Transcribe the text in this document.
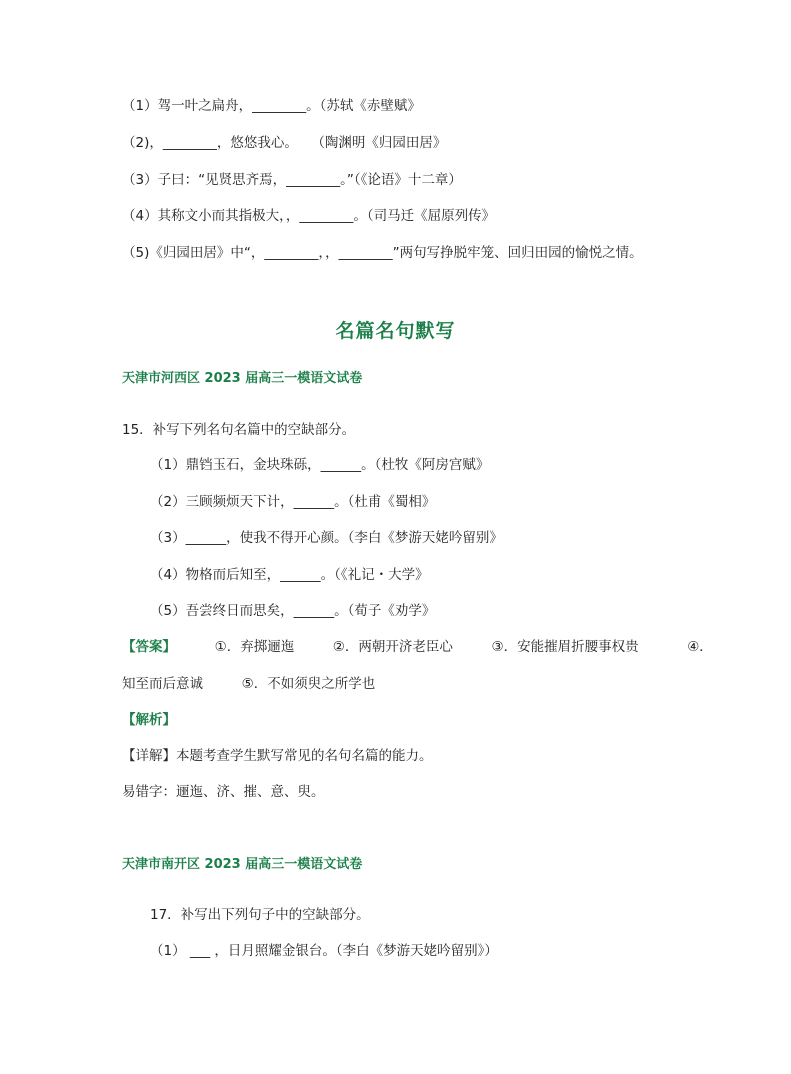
（1）驾一叶之扁舟，________。（苏轼《赤壁赋》
（2)，________，悠悠我心。　　（陶渊明《归园田居》
（3）子曰：“见贤思齐焉，________。”（《论语》十二章）
（4）其称文小而其指极大，，________。（司马迁《屈原列传》
（5)《归园田居》中“，________，，________”两句写挣脱牢笼、回归田园的愉悦之情。
名篇名句默写
天津市河西区 2023 届高三一模语文试卷
15．补写下列名句名篇中的空缺部分。
（1）鼎铛玉石，金块珠砾，______。（杜牧《阿房宫赋》
（2）三顾频烦天下计，______。（杜甫《蜀相》
（3）______，使我不得开心颜。（李白《梦游天姥吟留别》
（4）物格而后知至，______。（《礼记・大学》
（5）吾尝终日而思矣，______。（荀子《劝学》
【答案】	①．弃掷逦迤	②．两朝开济老臣心	③．安能摧眉折腰事权贵	④．
知至而后意诚	⑤．不如须臾之所学也
【解析】
【详解】本题考查学生默写常见的名句名篇的能力。
易错字：逦迤、济、摧、意、臾。
天津市南开区 2023 届高三一模语文试卷
17．补写出下列句子中的空缺部分。
（1） ___ ，日月照耀金银台。（李白《梦游天姥吟留别》）
